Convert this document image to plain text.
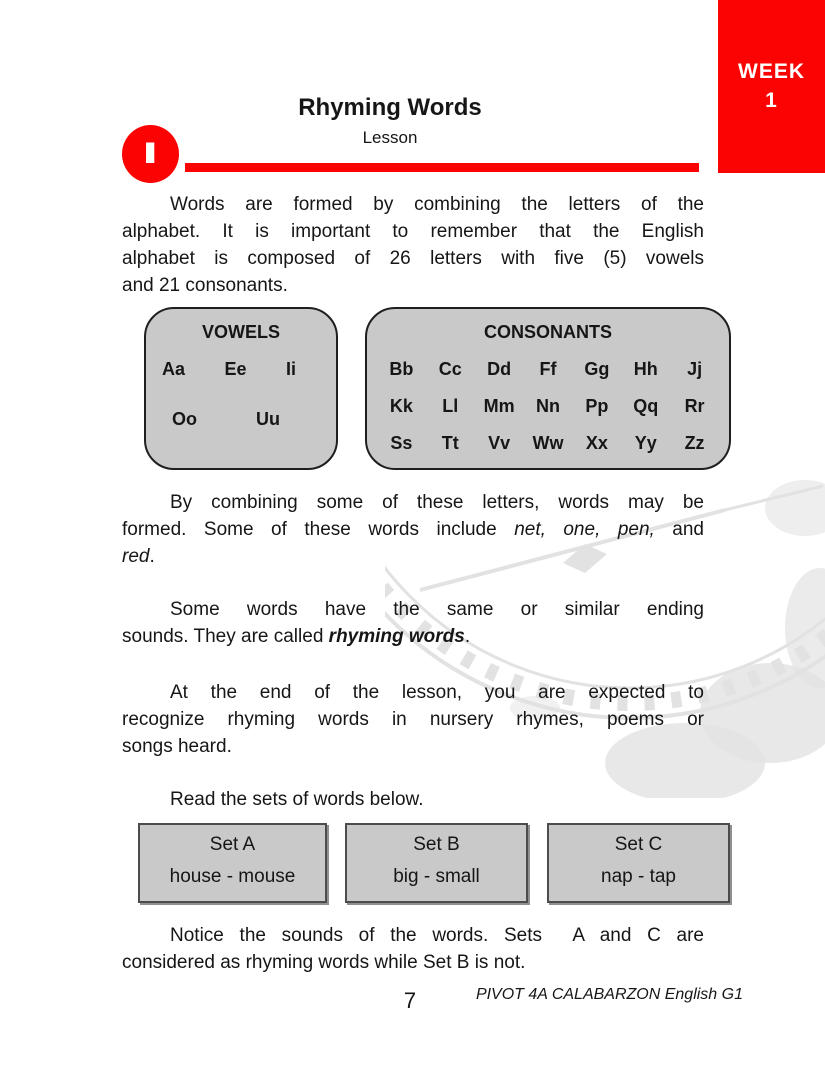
WEEK
1
I
Rhyming Words
Lesson
Words are formed by combining the letters of the
alphabet. It is important to remember that the English
alphabet is composed of 26 letters with five (5) vowels
and 21 consonants.
VOWELS
Aa Ee Ii
Oo	Uu
CONSONANTS
Bb Cc Dd Ff Gg Hh Jj
Kk Ll Mm Nn Pp Qq Rr
Ss Tt Vv Ww Xx Yy Zz
By combining some of these letters, words may be
formed. Some of these words include net, one, pen, and
red.
Some words have the same or similar ending
sounds. They are called rhyming words.
At the end of the lesson, you are expected to
recognize rhyming words in nursery rhymes, poems or
songs heard.
Read the sets of words below.
Set A
house - mouse
Set B
big - small
Set C
nap - tap
Notice the sounds of the words. Sets  A and C are
considered as rhyming words while Set B is not.
7	PIVOT 4A CALABARZON English G1
